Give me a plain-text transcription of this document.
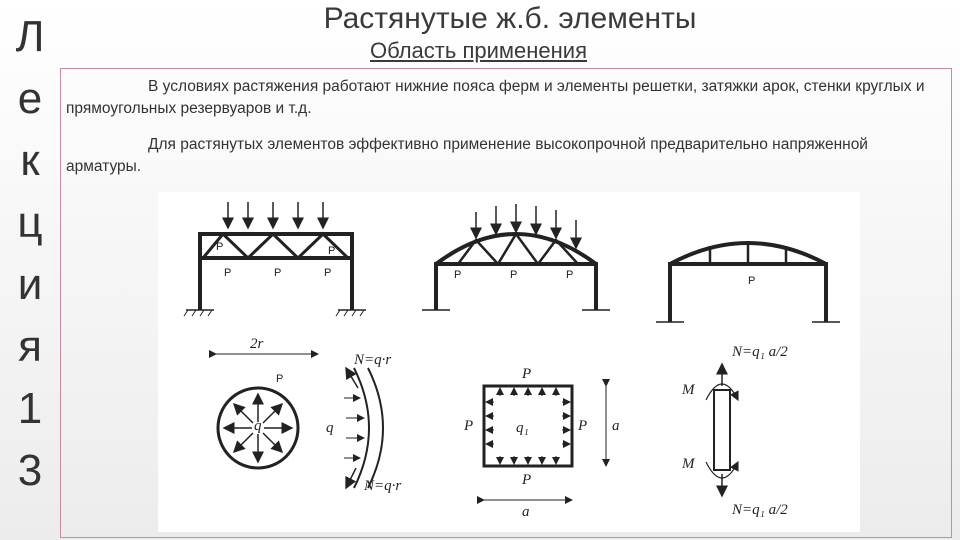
Л
е
к
ц
и
я
1
3
Растянутые ж.б. элементы
Область применения
В условиях растяжения работают нижние пояса ферм и элементы решетки, затяжки арок, стенки круглых и прямоугольных резервуаров и т.д.
Для растянутых элементов эффективно применение высокопрочной предварительно напряженной арматуры.
P	P
P	P	P	P	P	P	P
2r
P
q
N=q·r
q
N=q·r
P
P
P	P
q₁
a
a
N=q₁ a/2
M
M
N=q₁ a/2
